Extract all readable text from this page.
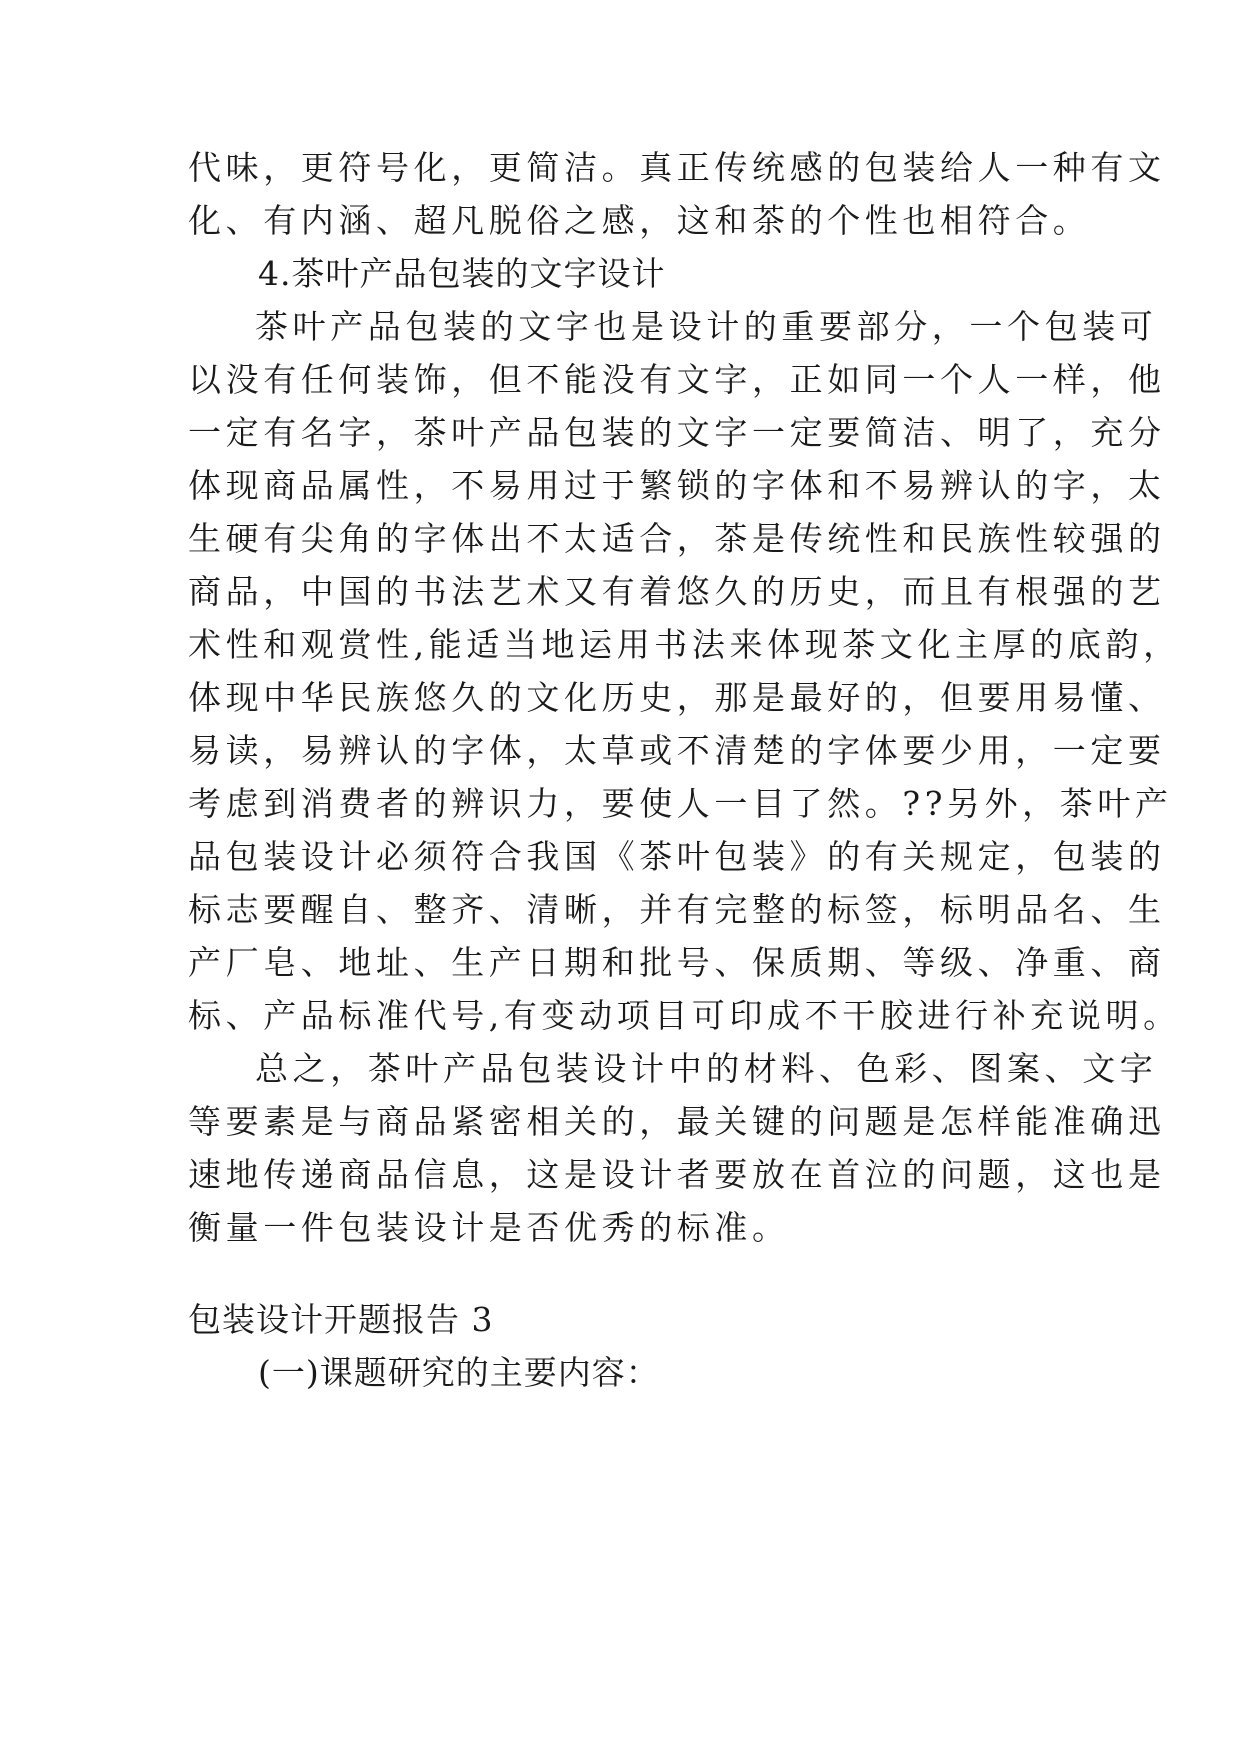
代味，更符号化，更简洁。真正传统感的包装给人一种有文
化、有内涵、超凡脱俗之感，这和茶的个性也相符合。
4.茶叶产品包装的文字设计
茶叶产品包装的文字也是设计的重要部分，一个包装可
以没有任何装饰，但不能没有文字，正如同一个人一样，他
一定有名字，茶叶产品包装的文字一定要简洁、明了，充分
体现商品属性，不易用过于繁锁的字体和不易辨认的字，太
生硬有尖角的字体出不太适合，茶是传统性和民族性较强的
商品，中国的书法艺术又有着悠久的历史，而且有根强的艺
术性和观赏性,能适当地运用书法来体现茶文化主厚的底韵，
体现中华民族悠久的文化历史，那是最好的，但要用易懂、
易读，易辨认的字体，太草或不清楚的字体要少用，一定要
考虑到消费者的辨识力，要使人一目了然。??另外，茶叶产
品包装设计必须符合我国《茶叶包装》的有关规定，包装的
标志要醒自、整齐、清晰，并有完整的标签，标明品名、生
产厂皂、地址、生产日期和批号、保质期、等级、净重、商
标、产品标准代号,有变动项目可印成不干胶进行补充说明。
总之，茶叶产品包装设计中的材料、色彩、图案、文字
等要素是与商品紧密相关的，最关键的问题是怎样能准确迅
速地传递商品信息，这是设计者要放在首泣的问题，这也是
衡量一件包装设计是否优秀的标准。
包装设计开题报告 3
(一)课题研究的主要内容：
